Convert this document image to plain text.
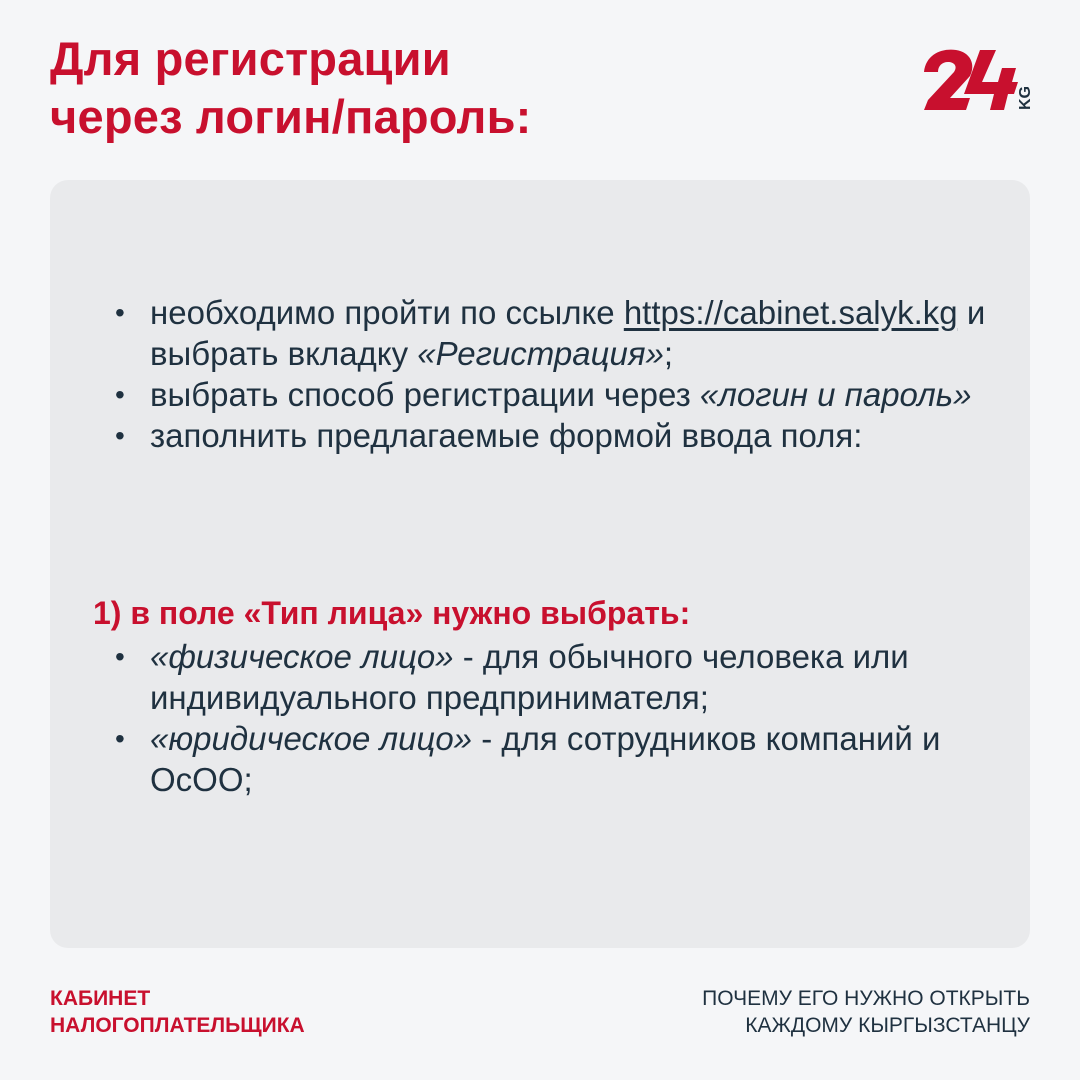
Для регистрации
через логин/пароль:	KG
• необходимо пройти по ссылке https://cabinet.salyk.kg и выбрать вкладку «Регистрация»;
• выбрать способ регистрации через «логин и пароль»
• заполнить предлагаемые формой ввода поля:
1) в поле «Тип лица» нужно выбрать:
• «физическое лицо» - для обычного человека или индивидуального предпринимателя;
• «юридическое лицо» - для сотрудников компаний и ОсОО;
КАБИНЕТ
НАЛОГОПЛАТЕЛЬЩИКА
ПОЧЕМУ ЕГО НУЖНО ОТКРЫТЬ
КАЖДОМУ КЫРГЫЗСТАНЦУ
